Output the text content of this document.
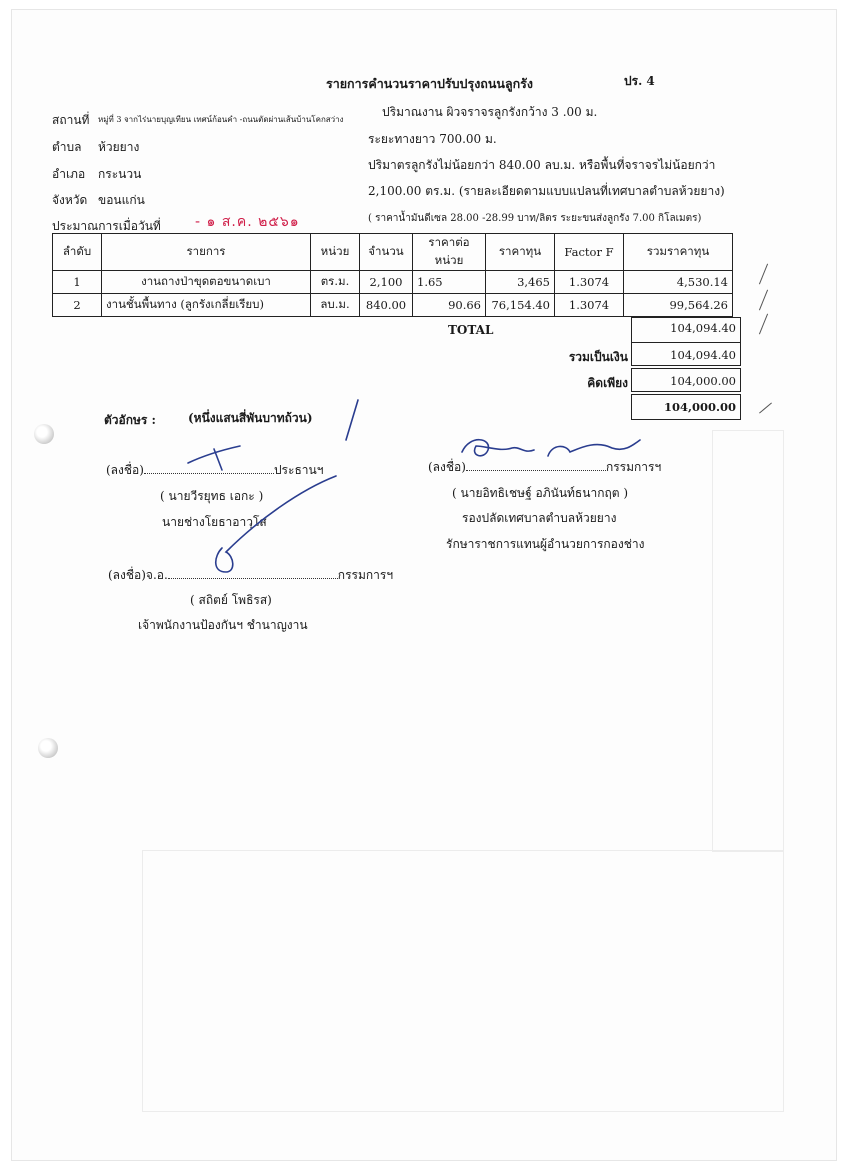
รายการคำนวนราคาปรับปรุงถนนลูกรัง	ปร. 4
สถานที่ หมู่ที่ 3 จากไร่นายบุญเทียน เทศน์ก้อนคำ -ถนนตัดผ่านเส้นบ้านโคกสว่าง
ตำบล ห้วยยาง
อำเภอ กระนวน
จังหวัด ขอนแก่น
ประมาณการเมื่อวันที่ - ๑ ส.ค. ๒๕๖๑
ปริมาณงาน ผิวจราจรลูกรังกว้าง 3 .00 ม.
ระยะทางยาว 700.00 ม.
ปริมาตรลูกรังไม่น้อยกว่า 840.00 ลบ.ม. หรือพื้นที่จราจรไม่น้อยกว่า
2,100.00 ตร.ม. (รายละเอียดตามแบบแปลนที่เทศบาลตำบลห้วยยาง)
( ราคาน้ำมันดีเซล 28.00 -28.99 บาท/ลิตร ระยะขนส่งลูกรัง 7.00 กิโลเมตร)
ลำดับ	รายการ	หน่วย	จำนวน	ราคาต่อหน่วย	ราคาทุน	Factor F	รวมราคาทุน
1	งานถางป่าขุดตอขนาดเบา	ตร.ม.	2,100	1.65	3,465	1.3074	4,530.14
2	งานชั้นพื้นทาง (ลูกรังเกลี่ยเรียบ)	ลบ.ม.	840.00	90.66	76,154.40	1.3074	99,564.26
TOTAL	104,094.40
รวมเป็นเงิน	104,094.40
คิดเพียง	104,000.00
104,000.00
ตัวอักษร :	(หนึ่งแสนสี่พันบาทถ้วน)
(ลงชื่อ)	ประธานฯ
( นายวีรยุทธ เอกะ )
นายช่างโยธาอาวุโส
(ลงชื่อ)จ.อ.	กรรมการฯ
( สถิตย์ โพธิรส)
เจ้าพนักงานป้องกันฯ ชำนาญงาน
(ลงชื่อ)	กรรมการฯ
( นายอิทธิเชษฐ์ อภินันท์ธนากฤต )
รองปลัดเทศบาลตำบลห้วยยาง
รักษาราชการแทนผู้อำนวยการกองช่าง
